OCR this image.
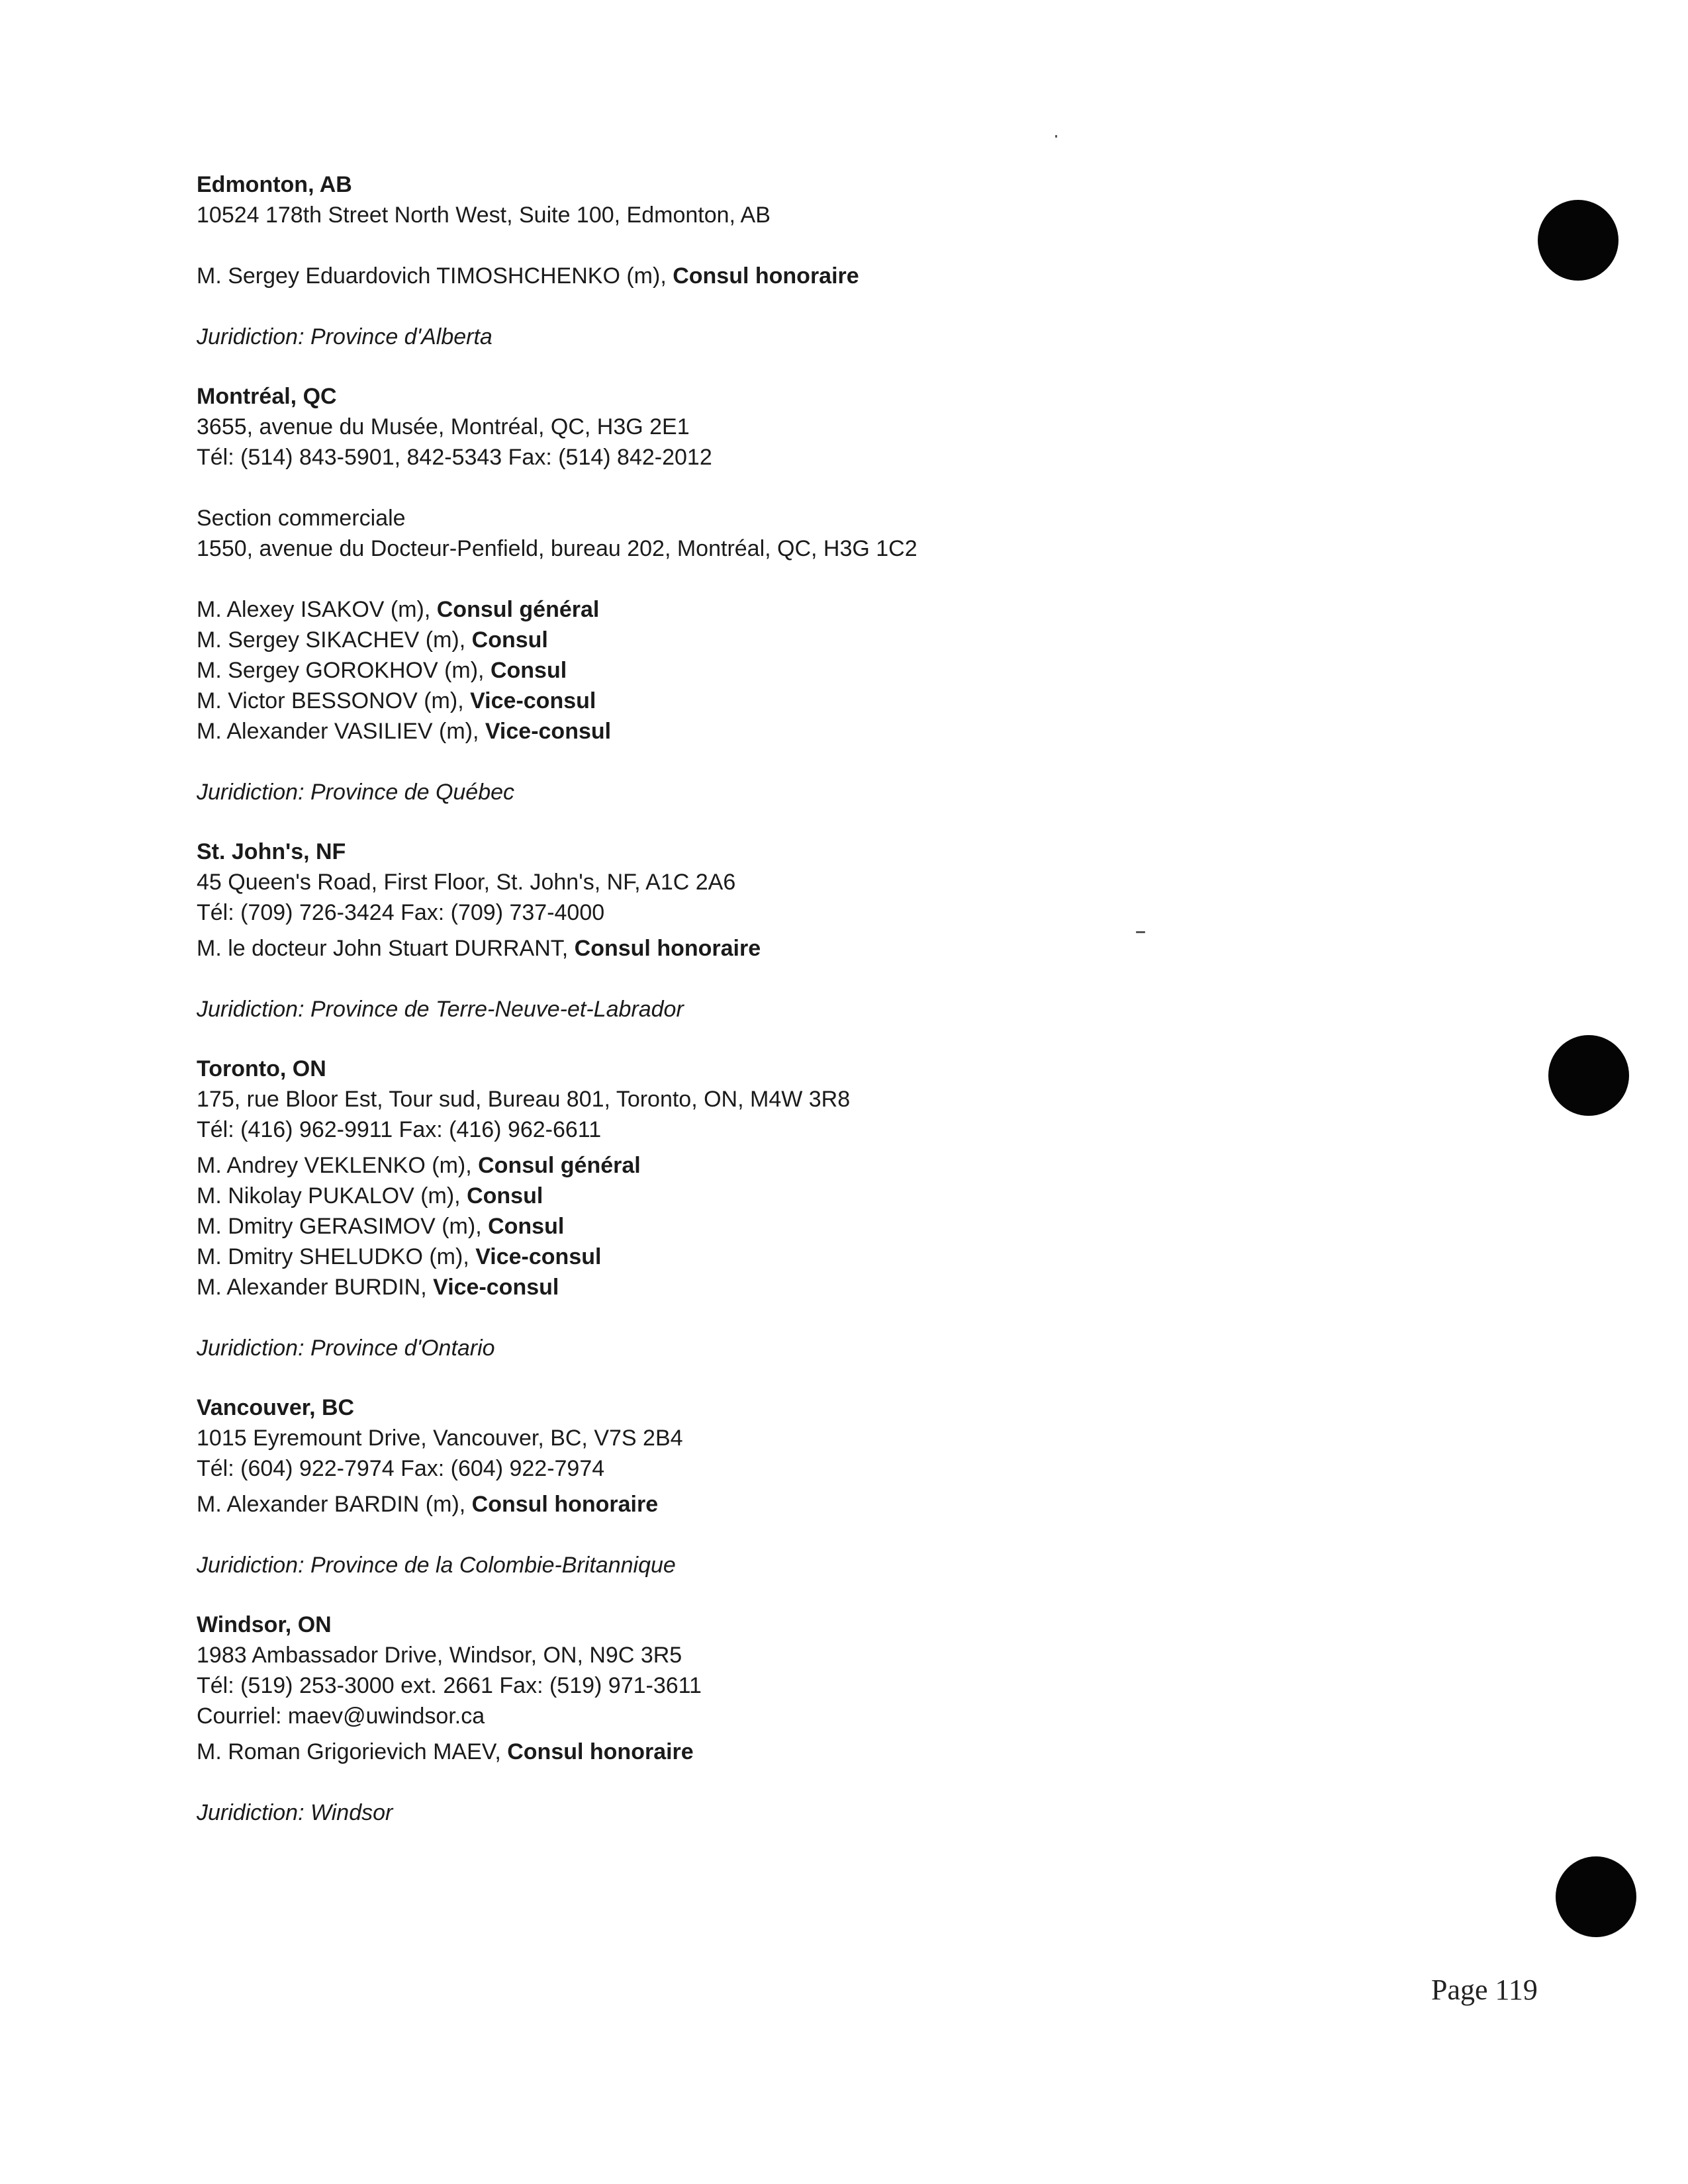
Edmonton, AB
10524 178th Street North West, Suite 100, Edmonton, AB
M. Sergey Eduardovich TIMOSHCHENKO (m), Consul honoraire
Juridiction: Province d'Alberta
Montréal, QC
3655, avenue du Musée, Montréal, QC, H3G 2E1
Tél: (514) 843-5901, 842-5343 Fax: (514) 842-2012
Section commerciale
1550, avenue du Docteur-Penfield, bureau 202, Montréal, QC, H3G 1C2
M. Alexey ISAKOV (m), Consul général
M. Sergey SIKACHEV (m), Consul
M. Sergey GOROKHOV (m), Consul
M. Victor BESSONOV (m), Vice-consul
M. Alexander VASILIEV (m), Vice-consul
Juridiction: Province de Québec
St. John's, NF
45 Queen's Road, First Floor, St. John's, NF, A1C 2A6
Tél: (709) 726-3424 Fax: (709) 737-4000
M. le docteur John Stuart DURRANT, Consul honoraire
Juridiction: Province de Terre-Neuve-et-Labrador
Toronto, ON
175, rue Bloor Est, Tour sud, Bureau 801, Toronto, ON, M4W 3R8
Tél: (416) 962-9911 Fax: (416) 962-6611
M. Andrey VEKLENKO (m), Consul général
M. Nikolay PUKALOV (m), Consul
M. Dmitry GERASIMOV (m), Consul
M. Dmitry SHELUDKO (m), Vice-consul
M. Alexander BURDIN, Vice-consul
Juridiction: Province d'Ontario
Vancouver, BC
1015 Eyremount Drive, Vancouver, BC, V7S 2B4
Tél: (604) 922-7974 Fax: (604) 922-7974
M. Alexander BARDIN (m), Consul honoraire
Juridiction: Province de la Colombie-Britannique
Windsor, ON
1983 Ambassador Drive, Windsor, ON, N9C 3R5
Tél: (519) 253-3000 ext. 2661 Fax: (519) 971-3611
Courriel: maev@uwindsor.ca
M. Roman Grigorievich MAEV, Consul honoraire
Juridiction: Windsor
Page 119
